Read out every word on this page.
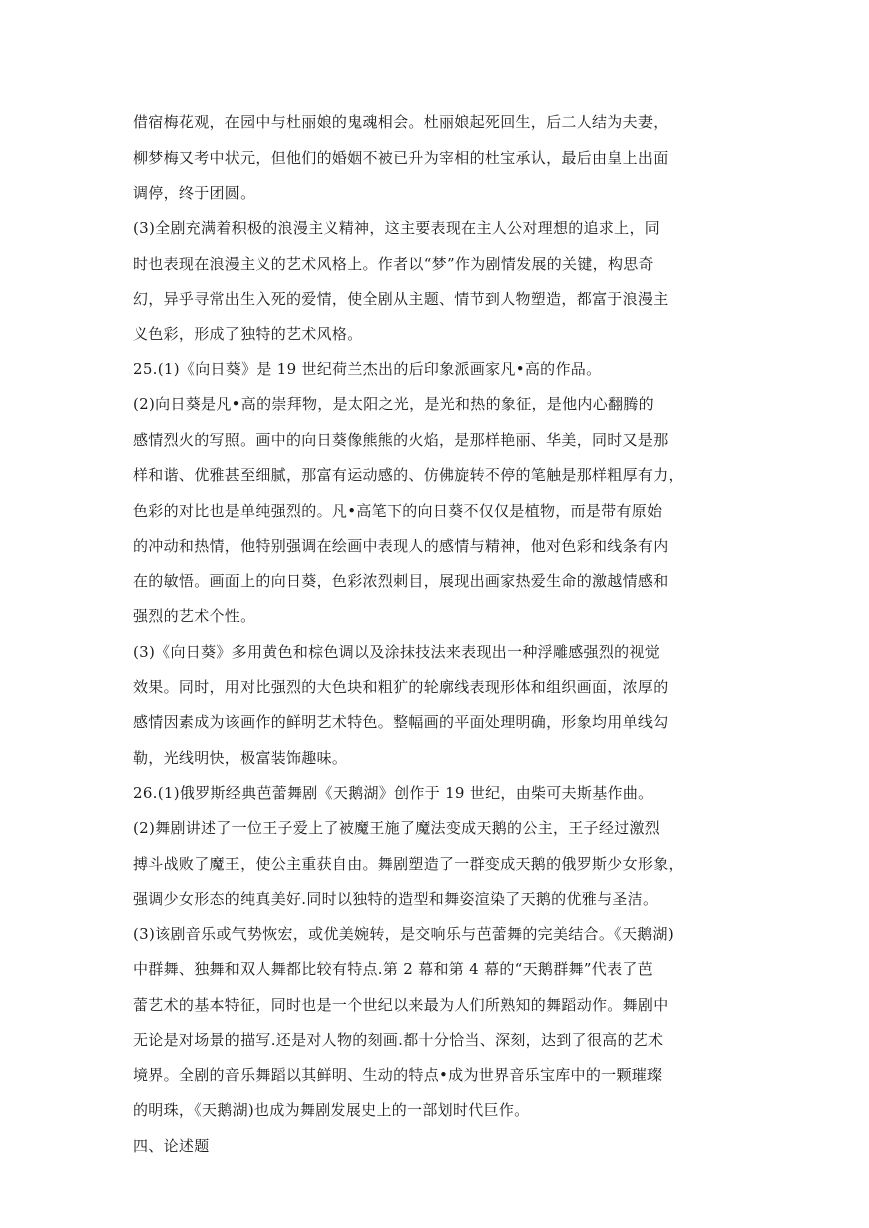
借宿梅花观，在园中与杜丽娘的鬼魂相会。杜丽娘起死回生，后二人结为夫妻，
柳梦梅又考中状元，但他们的婚姻不被已升为宰相的杜宝承认，最后由皇上出面
调停，终于团圆。
(3)全剧充满着积极的浪漫主义精神，这主要表现在主人公对理想的追求上，同
时也表现在浪漫主义的艺术风格上。作者以“梦”作为剧情发展的关键，构思奇
幻，异乎寻常出生入死的爱情，使全剧从主题、情节到人物塑造，都富于浪漫主
义色彩，形成了独特的艺术风格。
25.(1)《向日葵》是 19 世纪荷兰杰出的后印象派画家凡•高的作品。
(2)向日葵是凡•高的崇拜物，是太阳之光，是光和热的象征，是他内心翻腾的
感情烈火的写照。画中的向日葵像熊熊的火焰，是那样艳丽、华美，同时又是那
样和谐、优雅甚至细腻，那富有运动感的、仿佛旋转不停的笔触是那样粗厚有力，
色彩的对比也是单纯强烈的。凡•高笔下的向日葵不仅仅是植物，而是带有原始
的冲动和热情，他特别强调在绘画中表现人的感情与精神，他对色彩和线条有内
在的敏悟。画面上的向日葵，色彩浓烈刺目，展现出画家热爱生命的激越情感和
强烈的艺术个性。
(3)《向日葵》多用黄色和棕色调以及涂抹技法来表现出一种浮雕感强烈的视觉
效果。同时，用对比强烈的大色块和粗犷的轮廓线表现形体和组织画面，浓厚的
感情因素成为该画作的鲜明艺术特色。整幅画的平面处理明确，形象均用单线勾
勒，光线明快，极富装饰趣味。
26.(1)俄罗斯经典芭蕾舞剧《天鹅湖》创作于 19 世纪，由柴可夫斯基作曲。
(2)舞剧讲述了一位王子爱上了被魔王施了魔法变成天鹅的公主，王子经过激烈
搏斗战败了魔王，使公主重获自由。舞剧塑造了一群变成天鹅的俄罗斯少女形象，
强调少女形态的纯真美好.同时以独特的造型和舞姿渲染了天鹅的优雅与圣洁。
(3)该剧音乐或气势恢宏，或优美婉转，是交响乐与芭蕾舞的完美结合。《天鹅湖)
中群舞、独舞和双人舞都比较有特点.第 2 幕和第 4 幕的“天鹅群舞”代表了芭
蕾艺术的基本特征，同时也是一个世纪以来最为人们所熟知的舞蹈动作。舞剧中
无论是对场景的描写.还是对人物的刻画.都十分恰当、深刻，达到了很高的艺术
境界。全剧的音乐舞蹈以其鲜明、生动的特点•成为世界音乐宝库中的一颗璀璨
的明珠，《天鹅湖)也成为舞剧发展史上的一部划时代巨作。
四、论述题
